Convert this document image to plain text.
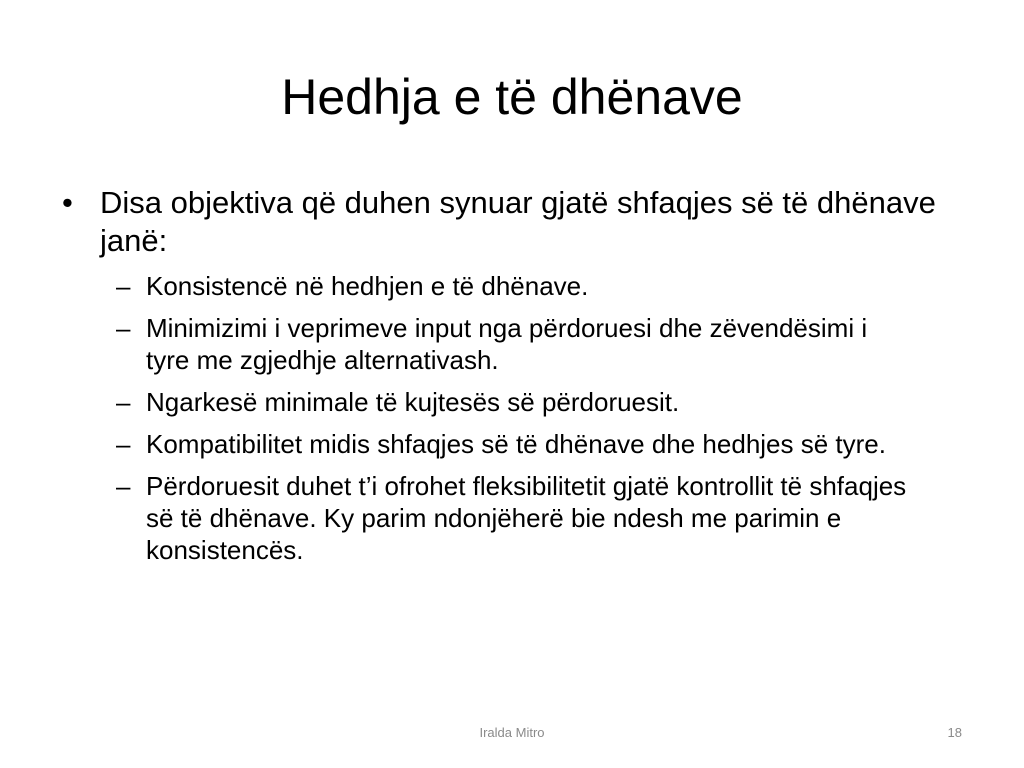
Hedhja e të dhënave
• Disa objektiva që duhen synuar gjatë shfaqjes së të dhënave janë:
– Konsistencë në hedhjen e të dhënave.
– Minimizimi i veprimeve input nga përdoruesi dhe zëvendësimi i tyre me zgjedhje alternativash.
– Ngarkesë minimale të kujtesës së përdoruesit.
– Kompatibilitet midis shfaqjes së të dhënave dhe hedhjes së tyre.
– Përdoruesit duhet t’i ofrohet fleksibilitetit gjatë kontrollit të shfaqjes së të dhënave. Ky parim ndonjëherë bie ndesh me parimin e konsistencës.
Iralda Mitro	18
